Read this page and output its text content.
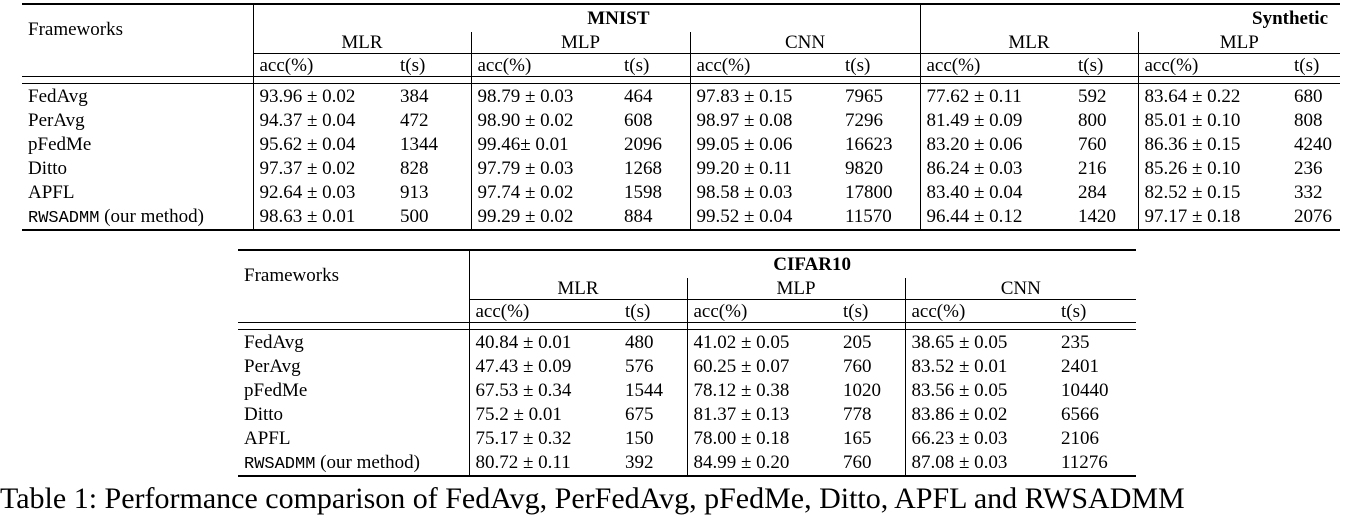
Frameworks	MNIST						Synthetic			
	MLR		MLP		CNN		MLR		MLP	
	acc(%)	t(s)	acc(%)	t(s)	acc(%)	t(s)	acc(%)	t(s)	acc(%)	t(s)

FedAvg	93.96 ± 0.02	384	98.79 ± 0.03	464	97.83 ± 0.15	7965	77.62 ± 0.11	592	83.64 ± 0.22	680
PerAvg	94.37 ± 0.04	472	98.90 ± 0.02	608	98.97 ± 0.08	7296	81.49 ± 0.09	800	85.01 ± 0.10	808
pFedMe	95.62 ± 0.04	1344	99.46± 0.01	2096	99.05 ± 0.06	16623	83.20 ± 0.06	760	86.36 ± 0.15	4240
Ditto	97.37 ± 0.02	828	97.79 ± 0.03	1268	99.20 ± 0.11	9820	86.24 ± 0.03	216	85.26 ± 0.10	236
APFL	92.64 ± 0.03	913	97.74 ± 0.02	1598	98.58 ± 0.03	17800	83.40 ± 0.04	284	82.52 ± 0.15	332
RWSADMM (our method)	98.63 ± 0.01	500	99.29 ± 0.02	884	99.52 ± 0.04	11570	96.44 ± 0.12	1420	97.17 ± 0.18	2076
Frameworks	CIFAR10					
	MLR		MLP		CNN	
	acc(%)	t(s)	acc(%)	t(s)	acc(%)	t(s)

FedAvg	40.84 ± 0.01	480	41.02 ± 0.05	205	38.65 ± 0.05	235
PerAvg	47.43 ± 0.09	576	60.25 ± 0.07	760	83.52 ± 0.01	2401
pFedMe	67.53 ± 0.34	1544	78.12 ± 0.38	1020	83.56 ± 0.05	10440
Ditto	75.2 ± 0.01	675	81.37 ± 0.13	778	83.86 ± 0.02	6566
APFL	75.17 ± 0.32	150	78.00 ± 0.18	165	66.23 ± 0.03	2106
RWSADMM (our method)	80.72 ± 0.11	392	84.99 ± 0.20	760	87.08 ± 0.03	11276
Table 1: Performance comparison of FedAvg, PerFedAvg, pFedMe, Ditto, APFL and RWSADMM
